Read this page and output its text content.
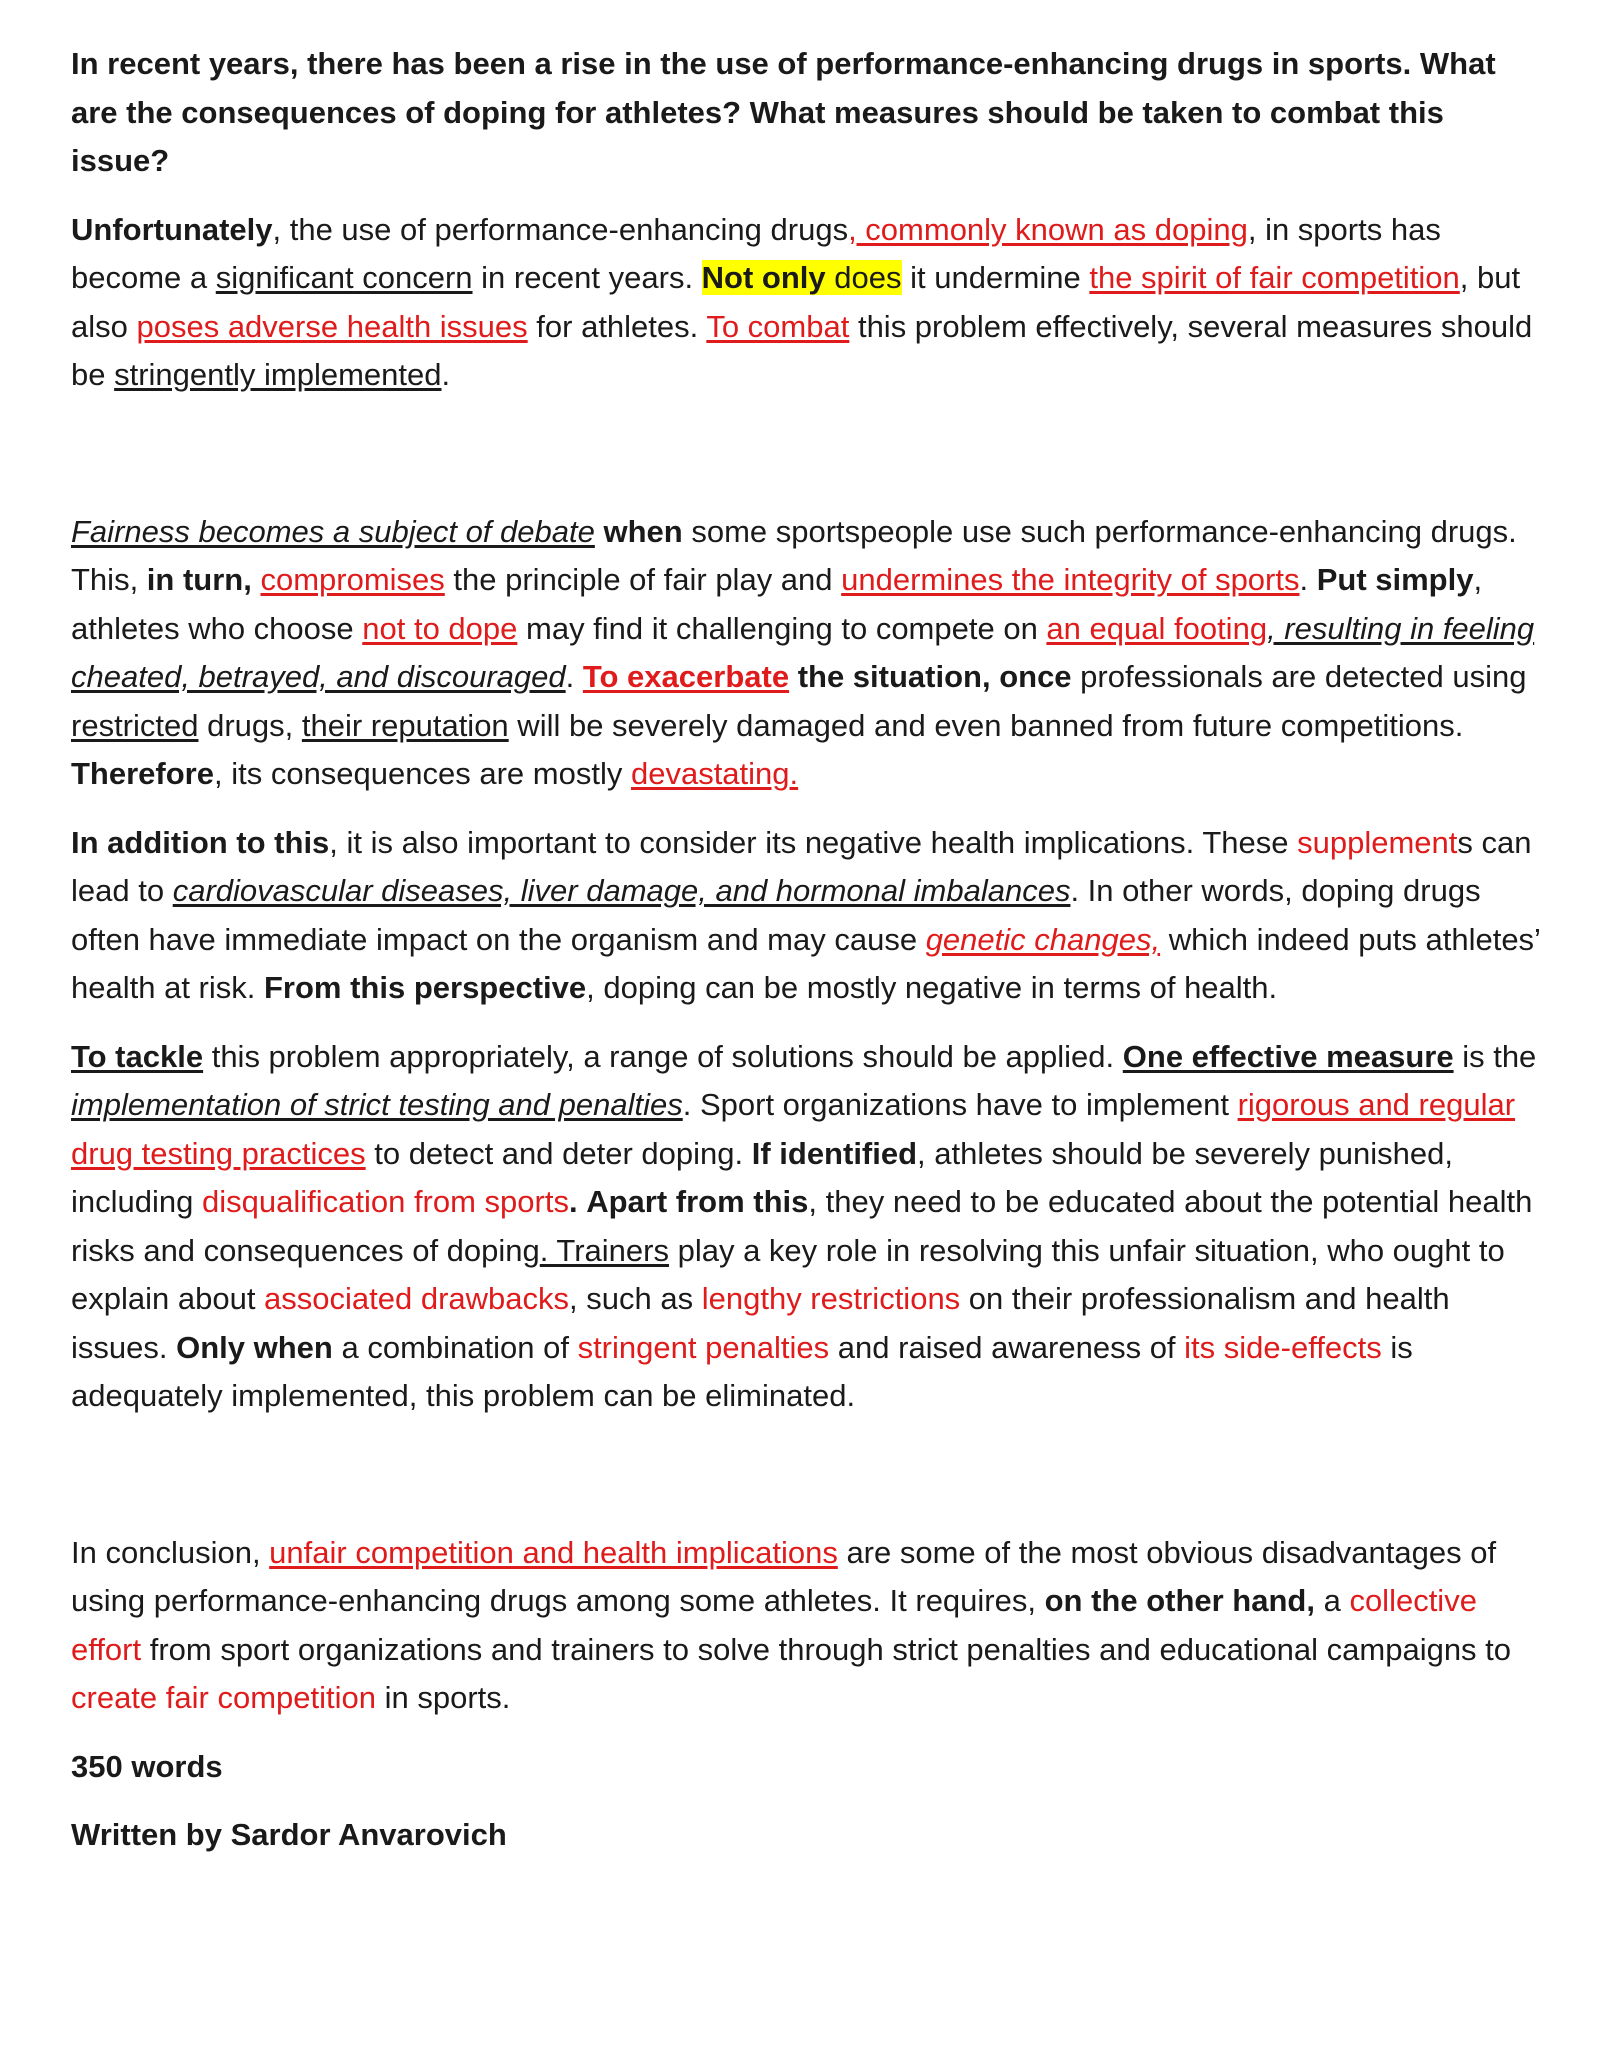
In recent years, there has been a rise in the use of performance-enhancing drugs in sports. What are the consequences of doping for athletes? What measures should be taken to combat this issue?

Unfortunately, the use of performance-enhancing drugs, commonly known as doping, in sports has become a significant concern in recent years. Not only does it undermine the spirit of fair competition, but also poses adverse health issues for athletes. To combat this problem effectively, several measures should be stringently implemented.

Fairness becomes a subject of debate when some sportspeople use such performance-enhancing drugs. This, in turn, compromises the principle of fair play and undermines the integrity of sports. Put simply, athletes who choose not to dope may find it challenging to compete on an equal footing, resulting in feeling cheated, betrayed, and discouraged. To exacerbate the situation, once professionals are detected using restricted drugs, their reputation will be severely damaged and even banned from future competitions. Therefore, its consequences are mostly devastating.

In addition to this, it is also important to consider its negative health implications. These supplements can lead to cardiovascular diseases, liver damage, and hormonal imbalances. In other words, doping drugs often have immediate impact on the organism and may cause genetic changes, which indeed puts athletes’ health at risk. From this perspective, doping can be mostly negative in terms of health.

To tackle this problem appropriately, a range of solutions should be applied. One effective measure is the implementation of strict testing and penalties. Sport organizations have to implement rigorous and regular drug testing practices to detect and deter doping. If identified, athletes should be severely punished, including disqualification from sports. Apart from this, they need to be educated about the potential health risks and consequences of doping. Trainers play a key role in resolving this unfair situation, who ought to explain about associated drawbacks, such as lengthy restrictions on their professionalism and health issues. Only when a combination of stringent penalties and raised awareness of its side-effects is adequately implemented, this problem can be eliminated.

In conclusion, unfair competition and health implications are some of the most obvious disadvantages of using performance-enhancing drugs among some athletes. It requires, on the other hand, a collective effort from sport organizations and trainers to solve through strict penalties and educational campaigns to create fair competition in sports.

350 words

Written by Sardor Anvarovich
